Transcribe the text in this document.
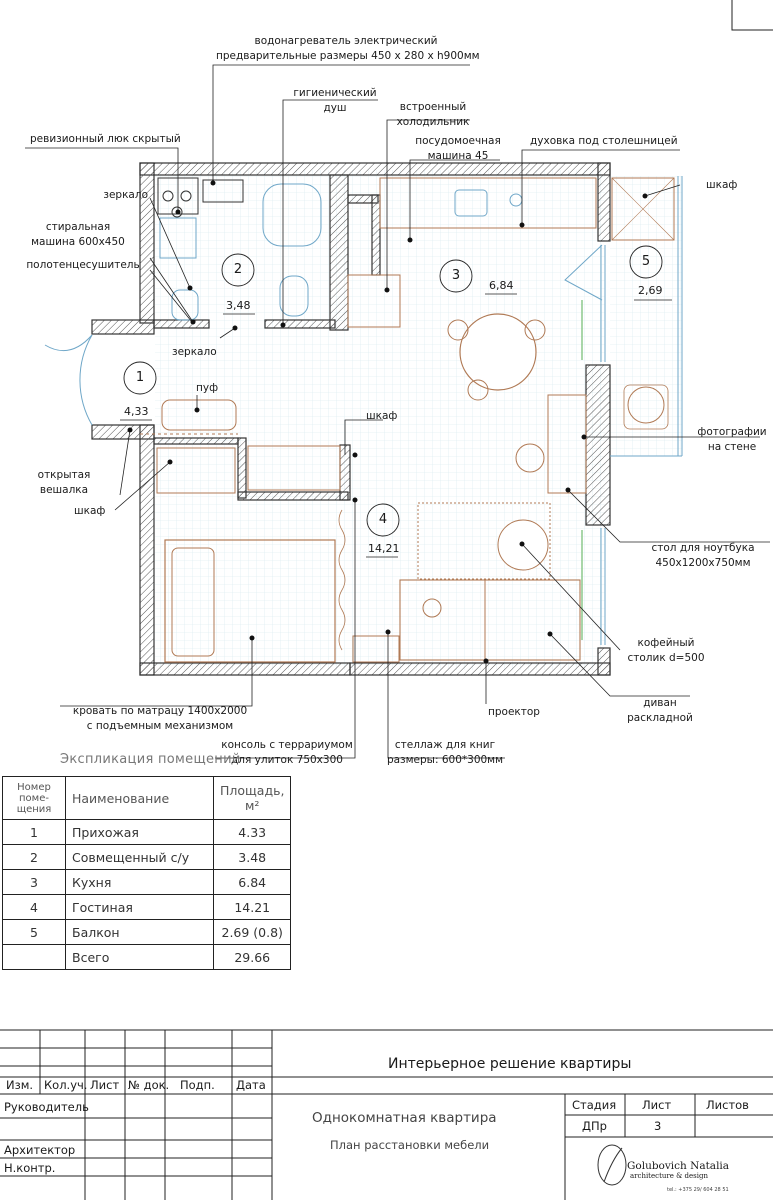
1
4,33
2
3,48
3
6,84
4
14,21
5
2,69
водонагреватель электрический
предварительные размеры 450 х 280 х h900мм
гигиенический
душ	встроенный
холодильник
посудомоечная
машина 45
духовка под столешницей
ревизионный люк скрытый
зеркало
стиральная
машина 600х450
полотенцесушитель
шкаф
зеркало
пуф
шкаф
открытая
вешалка
шкаф
фотографии
на стене
стол для ноутбука
450х1200х750мм
кофейный
столик d=500
диван
раскладной
проектор
кровать по матрацу 1400х2000
с подъемным механизмом
консоль с террариумом
для улиток 750х300
стеллаж для книг
размеры: 600*300мм
Экспликация помещений
Номер
поме-щения	Наименование	Площадь, м²
1	Прихожая	4.33
2	Совмещенный с/у	3.48
3	Кухня	6.84
4	Гостиная	14.21
5	Балкон	2.69 (0.8)
	Всего	29.66
Интерьерное решение квартиры
Изм. Кол.уч. Лист № док. Подп. Дата
Руководитель
Архитектор
Н.контр.
Однокомнатная квартира
План расстановки мебели
Стадия Лист	Листов
ДПр	3
Golubovich Natalia
architecture & design
tel.: +375 29/ 604 28 51
